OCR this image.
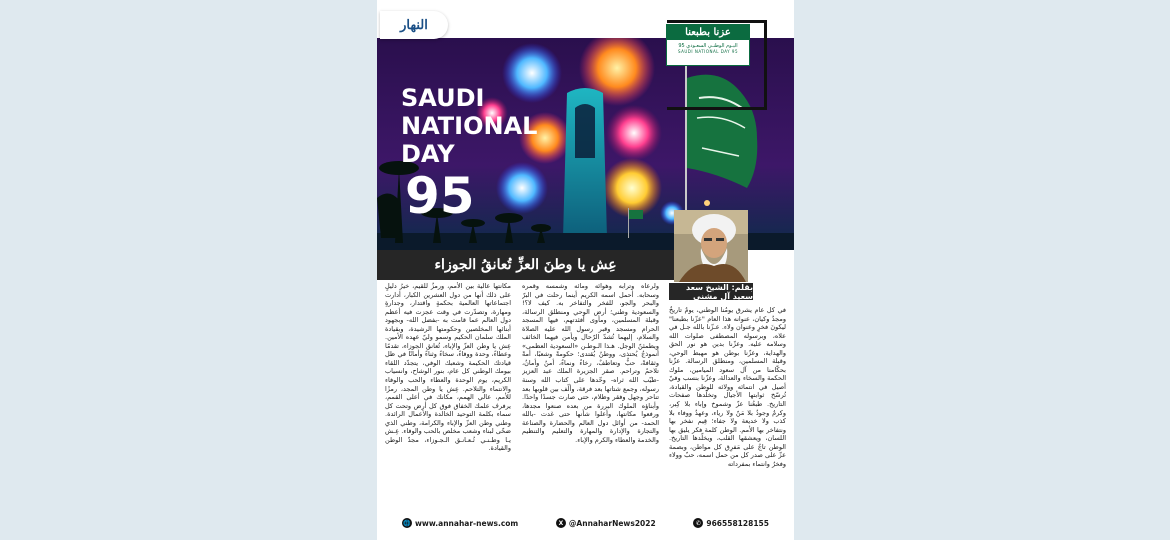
SAUDI
NATIONAL
DAY
95
النهار	عزنا بطبعنا
اليـوم الوطنـي السعـودي 95
SAUDI NATIONAL DAY 95
عِش يا وطنَ العزِّ تُعانقُ الجوزاء
بقلم: الشيخ سعد سعيد آل مشني

في كل عام يشرق يومُنا الوطني، يومٌ تاريخٌ ومجدٌ وكيان، عنوانه هذا العام "عزّنا بطبعنا" ليكونَ فخرٍ وعنوان ولاء. عـزّنا بالله جـل في علاه، وبرسوله المصطفى صلوات الله وسلامه عليه. وعزّنا بدين هو نور الحق والهداية، وعزّنا بوطن هو مهبط الوحي، وقبلة المسلمين، ومنطلق الرسالة. عزّنا بحكّامنا من آل سعود الميامين، ملوك الحكمة والسخاء والعدالة، وعزّنا بنسب وفيّ أصيل في انتمائه وولائه للوطن والقيادة، تُرسّخ ثوابتها الأجيال وتخلّدها صفحات التاريخ. طبعُنا عزّ وشموخ وإباء بلا كِبر، وكرمٌ وجودٌ بلا مَنّ ولا رياء، وعهدٌ ووفاء بلا كذب ولا خديعة ولا جفاء؛ قِيم نفخر بها ونتفاخر بها الأمم. الوطن كلمة فكر يليق بها اللسان، ويعشقها القلب، ويخلّدها التاريخ. الوطن تاجٌ على مَفرِق كل مواطن، وبصمة عزّ على صدر كل من حمل اسمه، حبّ وولاء وفخرٌ وانتماء بمفرداته

ولرعاه وترابه وهوائه ومائه وشمسه وقمره وسحابه. أحمل اسمه الكريم أينما رحلت في البرّ والبحر والجو، للفخر والتفاخر به. كيف لا؟! والسعودية وطني؛ أرض الوحي ومنطلق الرسالة، وقبلة المسلمين، ومأوى أفئدتهم، فيها المسجد الحرام ومسجد وقبر رسول الله عليه الصلاة والسلام، إليهما تُشدّ الرّحال ويأمن فيهما الخائف ويطمئنّ الوجل. هـذا الـوطـن «السعودية العظمى» أنموذجٌ يُحتذى، ووطنٌ يُقتدى؛ حكومةً وشعبًا، أمةً وثقافةً، حبٌّ وتعاطفٌ، رخاءٌ ونماءٌ، أمنٌ وأمانٌ، تلاحمٌ وتراحم. صقر الجزيرة الملك عبد العزيز -طيّب الله ثراه- وحّدها على كتاب الله وسنة رسوله، وجمع شتاتها بعد فرقة، وألّف بين قلوبها بعد تناحر وجهل وفقر وظلام، حتى صارت جسدًا واحدًا. وأبناؤه الملوك البررة من بعده صنعوا مجدها، ورفعوا مكانتها، وأعلوا شأنها حتى غدت -بالله الحمد- من أوائل دول العالم والحضارة والصناعة والتجارة والإدارة والمهارة والتعليم والتنظيم والخدمة والعطاء والكرم والإباء.

مكانتها عالية بين الأمم، ورمزٌ للقيم، خيرُ دليلٍ على ذلك أنها من دول العشرين الكبار، أدارت اجتماعاتها العالمية بحكمةٍ واقتدار، وجدارةٍ ومهارة، وتصدّرت في وقت عجزت فيه أعظم دول العالم عما قامت به -بفضل الله- وبجهود أبنائها المخلصين وحكومتها الرشيدة، وبقيادة الملك سلمان الحكيم وسمو وليّ عهده الأمين. عِش يا وطن العزّ والإباء، تُعانق الجوزاء، تقدمًا وعطاءً، وحدة ووفاءً، سخاءً وثناءً وأمانًا في ظل قيادتك الحكيمة وشعبك الوفي، يتجدّد اللقاء بيومك الوطني كل عام، بنور الوشاح، وانسياب الكريم، يوم الوحدة والعطاء والحب والوفاء والانتماء والتلاحم. عِش يا وطن المجد، رمزًا للأمم، عالي الهمم، مكانك في أعلى القمم، يرفرف علمك الخفاق فوق كل أرض وتحت كل سماء بكلمة التوحيد الخالدة والأعمال الرائدة. وطني وطن العزّ والإباء والكرامة، وطني الذي ضحّى لبناء وشعب مخلص بالحب والوفاء. عِـش يـا وطـنـي تُـعـانـق الـجـوزاء، مجدّ الوطن والقيادة.

🌐 www.annahar-news.com	X @AnnaharNews2022	✆ 966558128155
